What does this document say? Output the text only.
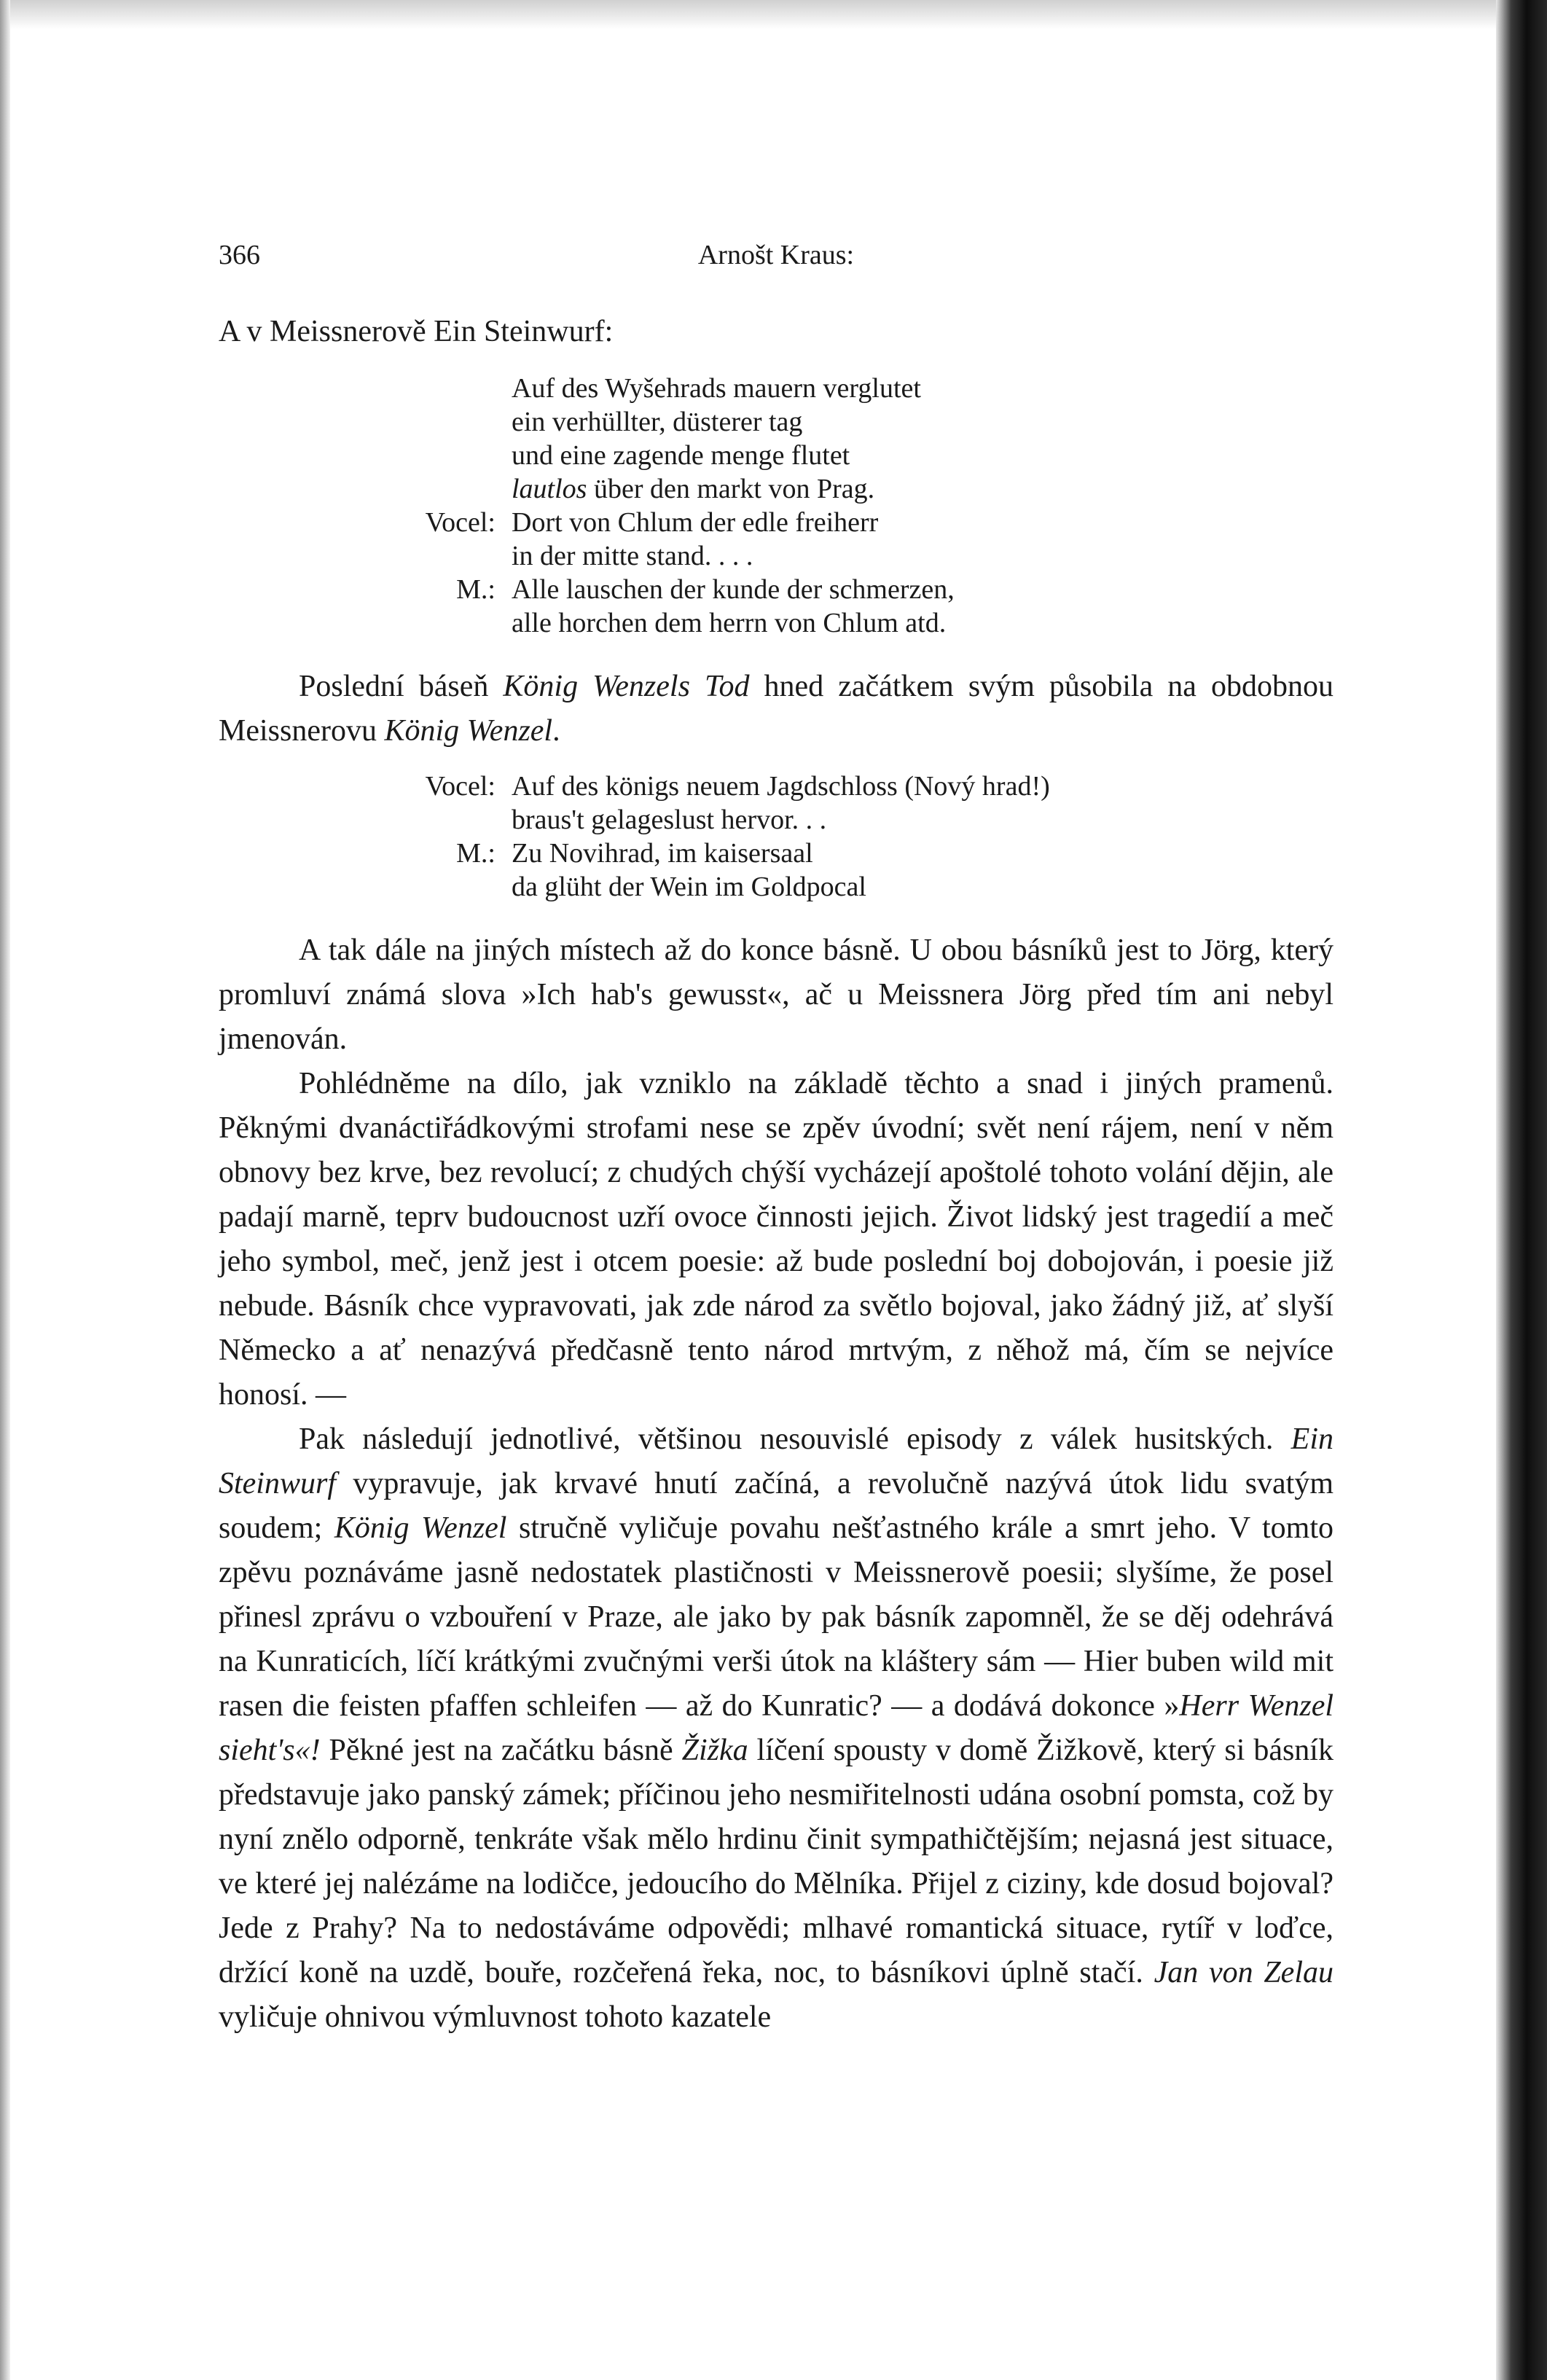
366	Arnošt Kraus:
A v Meissnerově Ein Steinwurf:
Auf des Wyšehrads mauern verglutet
ein verhüllter, düsterer tag
und eine zagende menge flutet
lautlos über den markt von Prag.
Vocel: Dort von Chlum der edle freiherr
in der mitte stand. . . .
M.: Alle lauschen der kunde der schmerzen,
alle horchen dem herrn von Chlum atd.

Poslední báseň König Wenzels Tod hned začátkem svým působila na obdobnou Meissnerovu König Wenzel.

Vocel: Auf des königs neuem Jagdschloss (Nový hrad!)
braus't gelageslust hervor. . .
M.: Zu Novihrad, im kaisersaal
da glüht der Wein im Goldpocal

A tak dále na jiných místech až do konce básně. U obou básníků jest to Jörg, který promluví známá slova »Ich hab's gewusst«, ač u Meissnera Jörg před tím ani nebyl jmenován.

Pohlédněme na dílo, jak vzniklo na základě těchto a snad i jiných pramenů. Pěknými dvanáctiřádkovými strofami nese se zpěv úvodní; svět není rájem, není v něm obnovy bez krve, bez revolucí; z chudých chýší vycházejí apoštolé tohoto volání dějin, ale padají marně, teprv budoucnost uzří ovoce činnosti jejich. Život lidský jest tragedií a meč jeho symbol, meč, jenž jest i otcem poesie: až bude poslední boj dobojován, i poesie již nebude. Básník chce vypravovati, jak zde národ za světlo bojoval, jako žádný již, ať slyší Německo a ať nenazývá předčasně tento národ mrtvým, z něhož má, čím se nejvíce honosí. —

Pak následují jednotlivé, většinou nesouvislé episody z válek husitských. Ein Steinwurf vypravuje, jak krvavé hnutí začíná, a revolučně nazývá útok lidu svatým soudem; König Wenzel stručně vyličuje povahu nešťastného krále a smrt jeho. V tomto zpěvu poznáváme jasně nedostatek plastičnosti v Meissnerově poesii; slyšíme, že posel přinesl zprávu o vzbouření v Praze, ale jako by pak básník zapomněl, že se děj odehrává na Kunraticích, líčí krátkými zvučnými verši útok na kláštery sám — Hier buben wild mit rasen die feisten pfaffen schleifen — až do Kunratic? — a dodává dokonce »Herr Wenzel sieht's«! Pěkné jest na začátku básně Žižka líčení spousty v domě Žižkově, který si básník představuje jako panský zámek; příčinou jeho nesmiřitelnosti udána osobní pomsta, což by nyní znělo odporně, tenkráte však mělo hrdinu činit sympathičtějším; nejasná jest situace, ve které jej nalézáme na lodičce, jedoucího do Mělníka. Přijel z ciziny, kde dosud bojoval? Jede z Prahy? Na to nedostáváme odpovědi; mlhavé romantická situace, rytíř v loďce, držící koně na uzdě, bouře, rozčeřená řeka, noc, to básníkovi úplně stačí. Jan von Zelau vyličuje ohnivou výmluvnost tohoto kazatele
